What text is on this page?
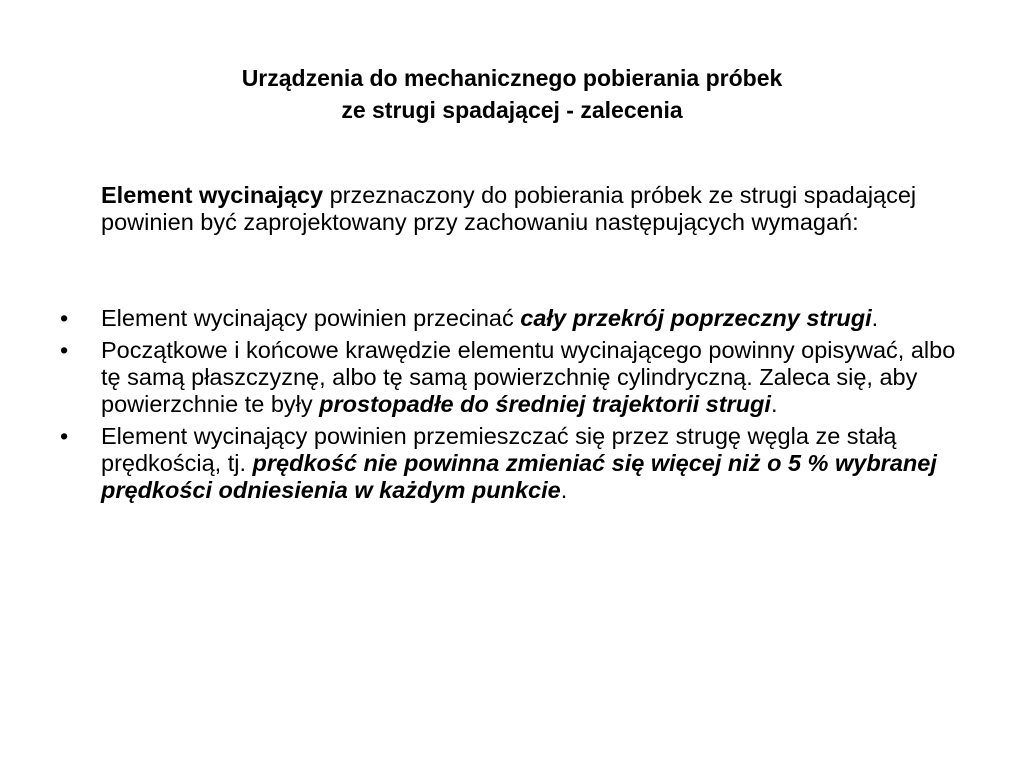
Urządzenia do mechanicznego pobierania próbek
ze strugi spadającej - zalecenia
Element wycinający przeznaczony do pobierania próbek ze strugi spadającej powinien być zaprojektowany przy zachowaniu następujących wymagań:
• Element wycinający powinien przecinać cały przekrój poprzeczny strugi.
• Początkowe i końcowe krawędzie elementu wycinającego powinny opisywać, albo tę samą płaszczyznę, albo tę samą powierzchnię cylindryczną. Zaleca się, aby powierzchnie te były prostopadłe do średniej trajektorii strugi.
• Element wycinający powinien przemieszczać się przez strugę węgla ze stałą prędkością, tj. prędkość nie powinna zmieniać się więcej niż o 5 % wybranej prędkości odniesienia w każdym punkcie.
